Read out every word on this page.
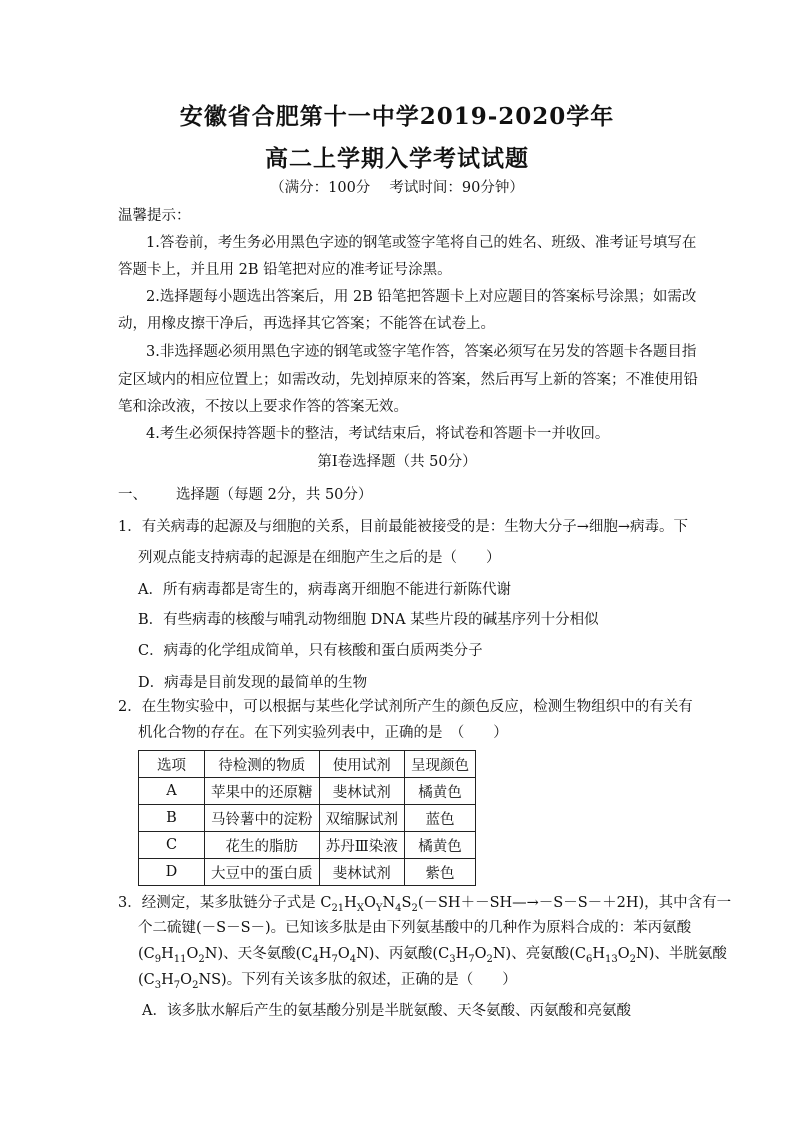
安徽省合肥第十一中学2019-2020学年
高二上学期入学考试试题
（满分：100分　 考试时间：90分钟）
温馨提示：
1.答卷前，考生务必用黑色字迹的钢笔或签字笔将自己的姓名、班级、准考证号填写在
答题卡上，并且用 2B 铅笔把对应的准考证号涂黑。
2.选择题每小题选出答案后，用 2B 铅笔把答题卡上对应题目的答案标号涂黑；如需改
动，用橡皮擦干净后，再选择其它答案；不能答在试卷上。
3.非选择题必须用黑色字迹的钢笔或签字笔作答，答案必须写在另发的答题卡各题目指
定区域内的相应位置上；如需改动，先划掉原来的答案，然后再写上新的答案；不准使用铅
笔和涂改液，不按以上要求作答的答案无效。
4.考生必须保持答题卡的整洁，考试结束后，将试卷和答题卡一并收回。
第Ⅰ卷选择题（共 50分）
一、 选择题（每题 2分，共 50分）
1．有关病毒的起源及与细胞的关系，目前最能被接受的是：生物大分子→细胞→病毒。下
列观点能支持病毒的起源是在细胞产生之后的是（　　）
A．所有病毒都是寄生的，病毒离开细胞不能进行新陈代谢
B．有些病毒的核酸与哺乳动物细胞 DNA 某些片段的碱基序列十分相似
C．病毒的化学组成简单，只有核酸和蛋白质两类分子
D．病毒是目前发现的最简单的生物
2．在生物实验中，可以根据与某些化学试剂所产生的颜色反应，检测生物组织中的有关有
机化合物的存在。在下列实验列表中，正确的是　（　　）
选项	待检测的物质	使用试剂	呈现颜色
A	苹果中的还原糖	斐林试剂	橘黄色
B	马铃薯中的淀粉	双缩脲试剂	蓝色
C	花生的脂肪	苏丹Ⅲ染液	橘黄色
D	大豆中的蛋白质	斐林试剂	紫色
3．经测定，某多肽链分子式是 $C_{21}H_XO_YN_4S_2(-SH+-SH—\to-S-S-+2H)$，其中含有一
个二硫键(－S－S－)。已知该多肽是由下列氨基酸中的几种作为原料合成的：苯丙氨酸
$(C_9H_{11}O_2N)$、天冬氨酸$(C_4H_7O_4N)$、丙氨酸$(C_3H_7O_2N)$、亮氨酸$(C_6H_{13}O_2N)$、半胱氨酸
$(C_3H_7O_2NS)$。下列有关该多肽的叙述，正确的是（　　）
A．该多肽水解后产生的氨基酸分别是半胱氨酸、天冬氨酸、丙氨酸和亮氨酸
